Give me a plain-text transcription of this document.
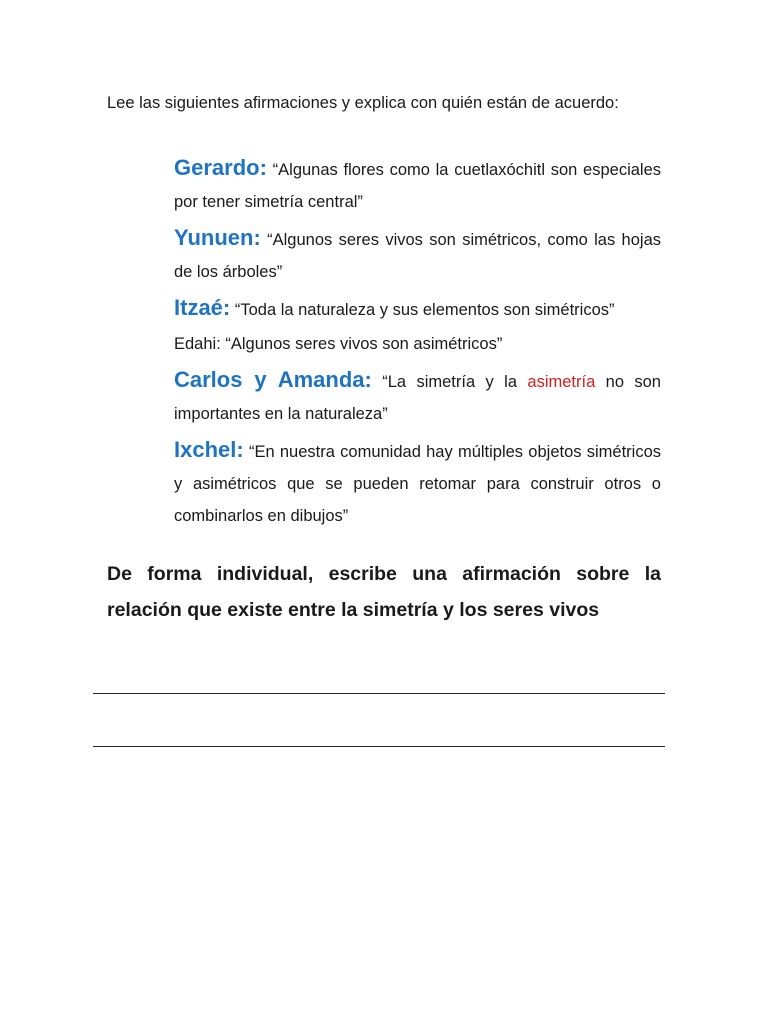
Lee las siguientes afirmaciones y explica con quién están de acuerdo:

Gerardo: “Algunas flores como la cuetlaxóchitl son especiales por tener simetría central”

Yunuen: “Algunos seres vivos son simétricos, como las hojas de los árboles”

Itzaé: “Toda la naturaleza y sus elementos son simétricos”

Edahi: “Algunos seres vivos son asimétricos”

Carlos y Amanda: “La simetría y la asimetría no son importantes en la naturaleza”

Ixchel: “En nuestra comunidad hay múltiples objetos simétricos y asimétricos que se pueden retomar para construir otros o combinarlos en dibujos”

De forma individual, escribe una afirmación sobre la relación que existe entre la simetría y los seres vivos
